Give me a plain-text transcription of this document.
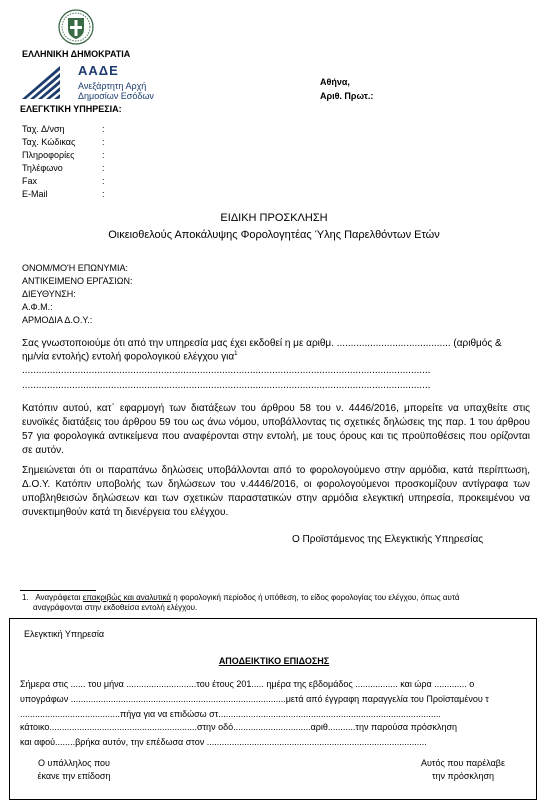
ΕΛΛΗΝΙΚΗ ΔΗΜΟΚΡΑΤΙΑ
ΑΑΔΕ
Ανεξάρτητη Αρχή
Δημοσίων Εσόδων
ΕΛΕΓΚΤΙΚΗ ΥΠΗΡΕΣΙΑ:
Αθήνα,
Αριθ. Πρωτ.:
Ταχ. Δ/νση	:
Ταχ. Κώδικας	:
Πληροφορίες	:
Τηλέφωνο	:
Fax	:
E-Mail	:
ΕΙΔΙΚΗ ΠΡΟΣΚΛΗΣΗ
Οικειοθελούς Αποκάλυψης Φορολογητέας Ύλης Παρελθόντων Ετών
ΟΝΟΜ/ΜΟ'Η ΕΠΩΝΥΜΙΑ:
ΑΝΤΙΚΕΙΜΕΝΟ ΕΡΓΑΣΙΩΝ:
ΔΙΕΥΘΥΝΣΗ:
Α.Φ.Μ.:
ΑΡΜΟΔΙΑ Δ.Ο.Υ.:
Σας γνωστοποιούμε ότι από την υπηρεσία μας έχει εκδοθεί η με αριθμ. ......................................... (αριθμός &
ημ/νία εντολής) εντολή φορολογικού ελέγχου για$^1$
...................................................................................................................................................
...................................................................................................................................................
Κατόπιν αυτού, κατ΄ εφαρμογή των διατάξεων του άρθρου 58 του ν. 4446/2016, μπορείτε να υπαχθείτε στις ευνοϊκές διατάξεις του άρθρου 59 του ως άνω νόμου, υποβάλλοντας τις σχετικές δηλώσεις της παρ. 1 του άρθρου 57 για φορολογικά αντικείμενα που αναφέρονται στην εντολή, με τους όρους και τις προϋποθέσεις που ορίζονται σε αυτόν.
Σημειώνεται ότι οι παραπάνω δηλώσεις υποβάλλονται από το φορολογούμενο στην αρμόδια, κατά περίπτωση, Δ.Ο.Υ. Κατόπιν υποβολής των δηλώσεων του ν.4446/2016, οι φορολογούμενοι προσκομίζουν αντίγραφα των υποβληθεισών δηλώσεων και των σχετικών παραστατικών στην αρμόδια ελεγκτική υπηρεσία, προκειμένου να συνεκτιμηθούν κατά τη διενέργεια του ελέγχου.
Ο Προϊστάμενος της Ελεγκτικής Υπηρεσίας
1. Αναγράφεται επακριβώς και αναλυτικά η φορολογική περίοδος ή υπόθεση, το είδος φορολογίας του ελέγχου, όπως αυτά
αναγράφονται στην εκδοθείσα εντολή ελέγχου.
Ελεγκτική Υπηρεσία
ΑΠΟΔΕΙΚΤΙΚΟ ΕΠΙΔΟΣΗΣ
Σήμερα στις ...... του μήνα ............................του έτους 201..... ημέρα της εβδομάδος ................. και ώρα ............. ο
υπογράφων ......................................................................................μετά από έγγραφη παραγγελία του Προϊσταμένου τ
........................................πήγα για να επιδώσω στ.........................................................................................
κάτοικο...........................................................στην οδό...............................αριθ...........την παρούσα πρόσκληση
και αφού........βρήκα αυτόν, την επέδωσα στον ........................................................................................
Ο υπάλληλος που
έκανε την επίδοση
Αυτός που παρέλαβε
την πρόσκληση
